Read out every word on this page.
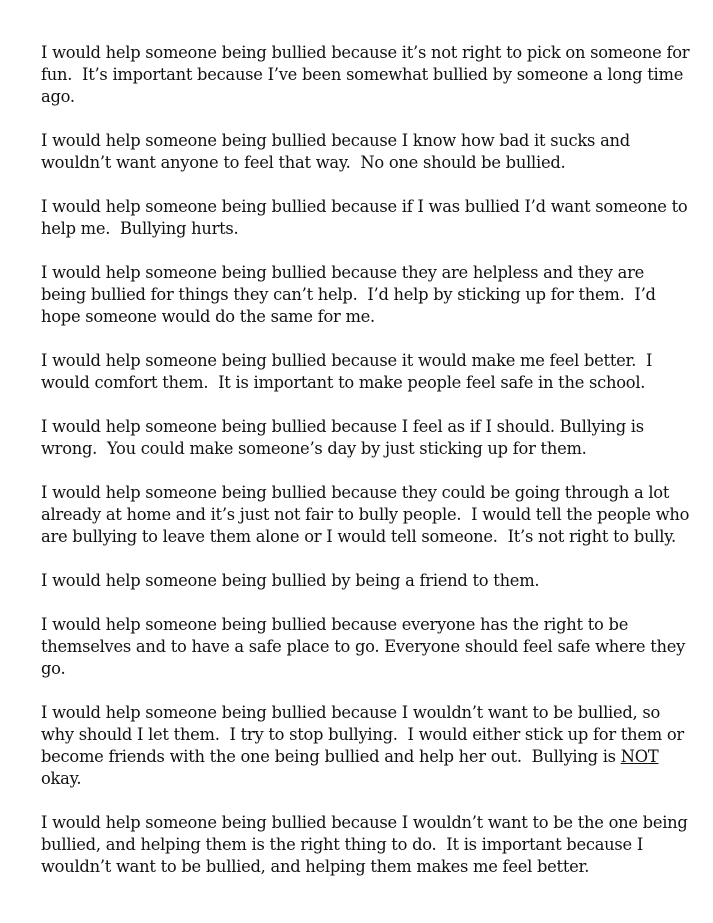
I would help someone being bullied because it’s not right to pick on someone for
fun.  It’s important because I’ve been somewhat bullied by someone a long time
ago.

I would help someone being bullied because I know how bad it sucks and
wouldn’t want anyone to feel that way.  No one should be bullied.

I would help someone being bullied because if I was bullied I’d want someone to
help me.  Bullying hurts.

I would help someone being bullied because they are helpless and they are
being bullied for things they can’t help.  I’d help by sticking up for them.  I’d
hope someone would do the same for me.

I would help someone being bullied because it would make me feel better.  I
would comfort them.  It is important to make people feel safe in the school.

I would help someone being bullied because I feel as if I should. Bullying is
wrong.  You could make someone’s day by just sticking up for them.

I would help someone being bullied because they could be going through a lot
already at home and it’s just not fair to bully people.  I would tell the people who
are bullying to leave them alone or I would tell someone.  It’s not right to bully.

I would help someone being bullied by being a friend to them.

I would help someone being bullied because everyone has the right to be
themselves and to have a safe place to go. Everyone should feel safe where they
go.

I would help someone being bullied because I wouldn’t want to be bullied, so
why should I let them.  I try to stop bullying.  I would either stick up for them or
become friends with the one being bullied and help her out.  Bullying is NOT
okay.

I would help someone being bullied because I wouldn’t want to be the one being
bullied, and helping them is the right thing to do.  It is important because I
wouldn’t want to be bullied, and helping them makes me feel better.
